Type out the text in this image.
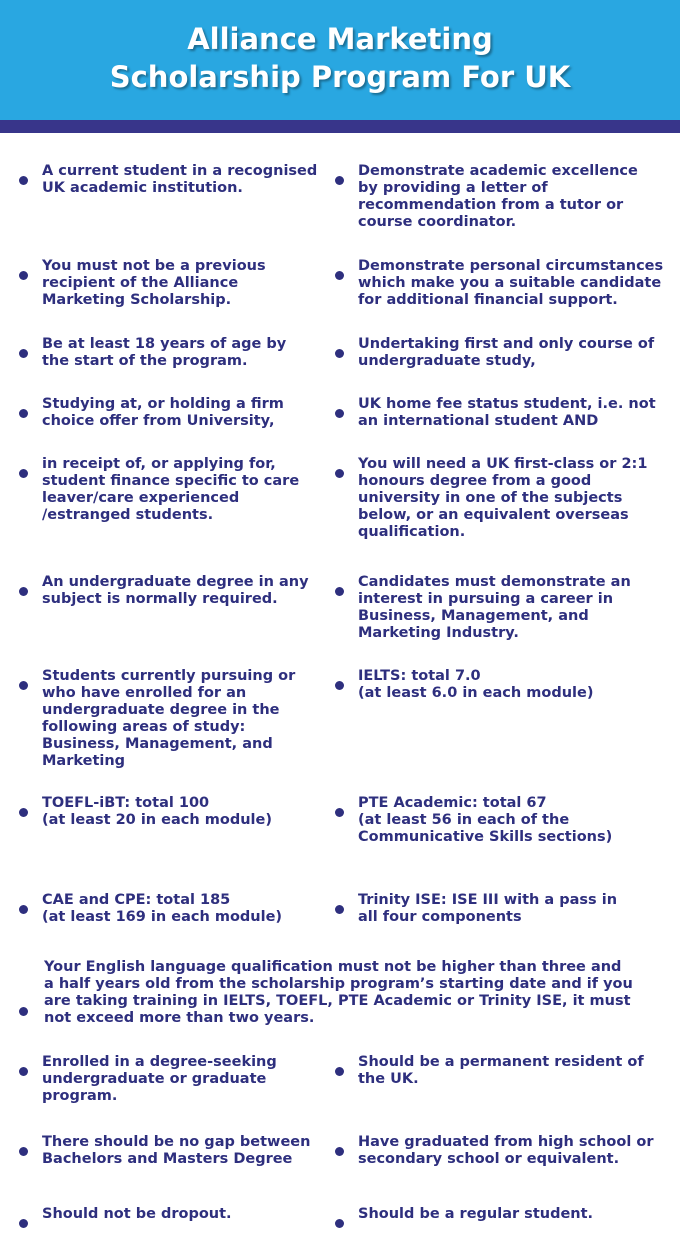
Alliance Marketing
Scholarship Program For UK
A current student in a recognised
UK academic institution.
Demonstrate academic excellence
by providing a letter of
recommendation from a tutor or
course coordinator.
You must not be a previous
recipient of the Alliance
Marketing Scholarship.
Demonstrate personal circumstances
which make you a suitable candidate
for additional financial support.
Be at least 18 years of age by
the start of the program.
Undertaking first and only course of
undergraduate study,
Studying at, or holding a firm
choice offer from University,
UK home fee status student, i.e. not
an international student AND
in receipt of, or applying for,
student finance specific to care
leaver/care experienced
/estranged students.
You will need a UK first-class or 2:1
honours degree from a good
university in one of the subjects
below, or an equivalent overseas
qualification.
An undergraduate degree in any
subject is normally required.
Candidates must demonstrate an
interest in pursuing a career in
Business, Management, and
Marketing Industry.
Students currently pursuing or
who have enrolled for an
undergraduate degree in the
following areas of study:
Business, Management, and
Marketing
IELTS: total 7.0
(at least 6.0 in each module)
TOEFL-iBT: total 100
(at least 20 in each module)
PTE Academic: total 67
(at least 56 in each of the
Communicative Skills sections)
CAE and CPE: total 185
(at least 169 in each module)
Trinity ISE: ISE III with a pass in
all four components
Your English language qualification must not be higher than three and
a half years old from the scholarship program’s starting date and if you
are taking training in IELTS, TOEFL, PTE Academic or Trinity ISE, it must
not exceed more than two years.
Enrolled in a degree-seeking
undergraduate or graduate
program.
Should be a permanent resident of
the UK.
There should be no gap between
Bachelors and Masters Degree
Have graduated from high school or
secondary school or equivalent.
Should not be dropout.	Should be a regular student.
